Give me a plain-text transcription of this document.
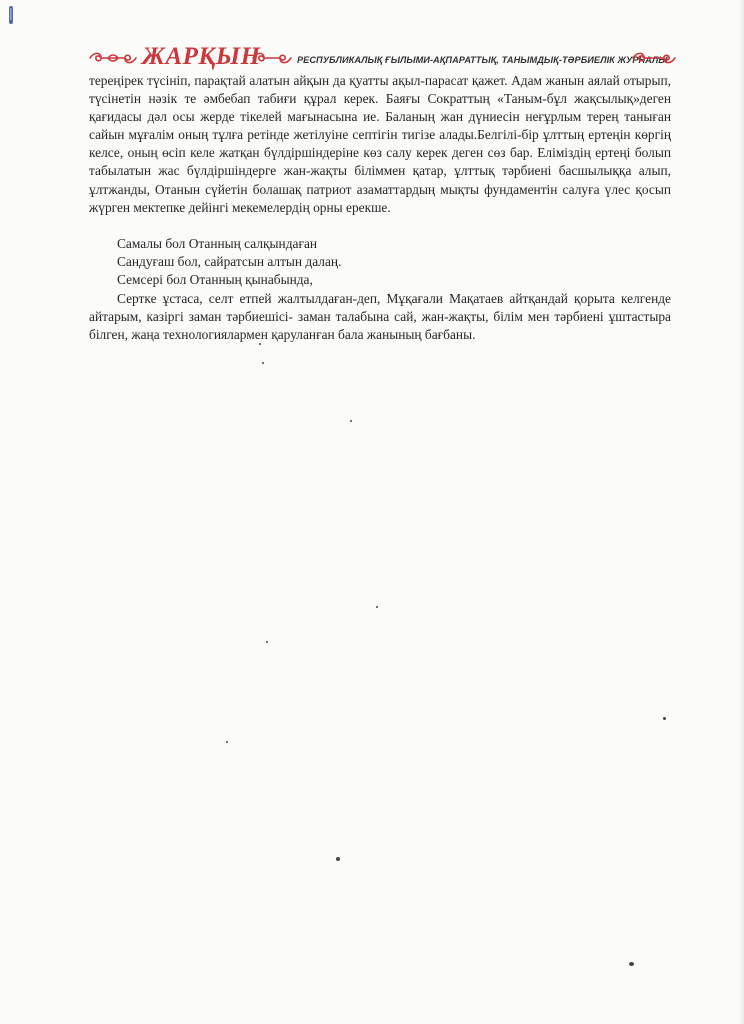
ЖАРҚЫН	РЕСПУБЛИКАЛЫҚ ҒЫЛЫМИ-АҚПАРАТТЫҚ, ТАНЫМДЫҚ-ТӘРБИЕЛІК ЖУРНАЛЫ

тереңірек түсініп, парақтай алатын айқын да қуатты ақыл-парасат қажет. Адам жанын аялай отырып, түсінетін нәзік те әмбебап табиғи құрал керек. Баяғы Сократтың «Таным-бұл жақсылық»деген қағидасы дәл осы жерде тікелей мағынасына ие. Баланың жан дүниесін неғұрлым терең таныған сайын мұғалім оның тұлға ретінде жетілуіне септігін тигізе алады.Белгілі-бір ұлттың ертеңін көргің келсе, оның өсіп келе жатқан бүлдіршіндеріне көз салу керек деген сөз бар. Еліміздің ертеңі болып табылатын жас бүлдіршіндерге жан-жақты біліммен қатар, ұлттық тәрбиені басшылыққа алып, ұлтжанды, Отанын сүйетін болашақ патриот азаматтардың мықты фундаментін салуға үлес қосып жүрген мектепке дейінгі мекемелердің орны ерекше.

Самалы бол Отанның салқындаған

Сандуғаш бол, сайратсын алтын далаң.

Семсері бол Отанның қынабында,

Сертке ұстаса, селт етпей жалтылдаған-деп, Мұқағали Мақатаев айтқандай қорыта келгенде айтарым, казіргі заман тәрбиешісі- заман талабына сай, жан-жақты, білім мен тәрбиені ұштастыра білген, жаңа технологиялармен қаруланған бала жанының бағбаны.
